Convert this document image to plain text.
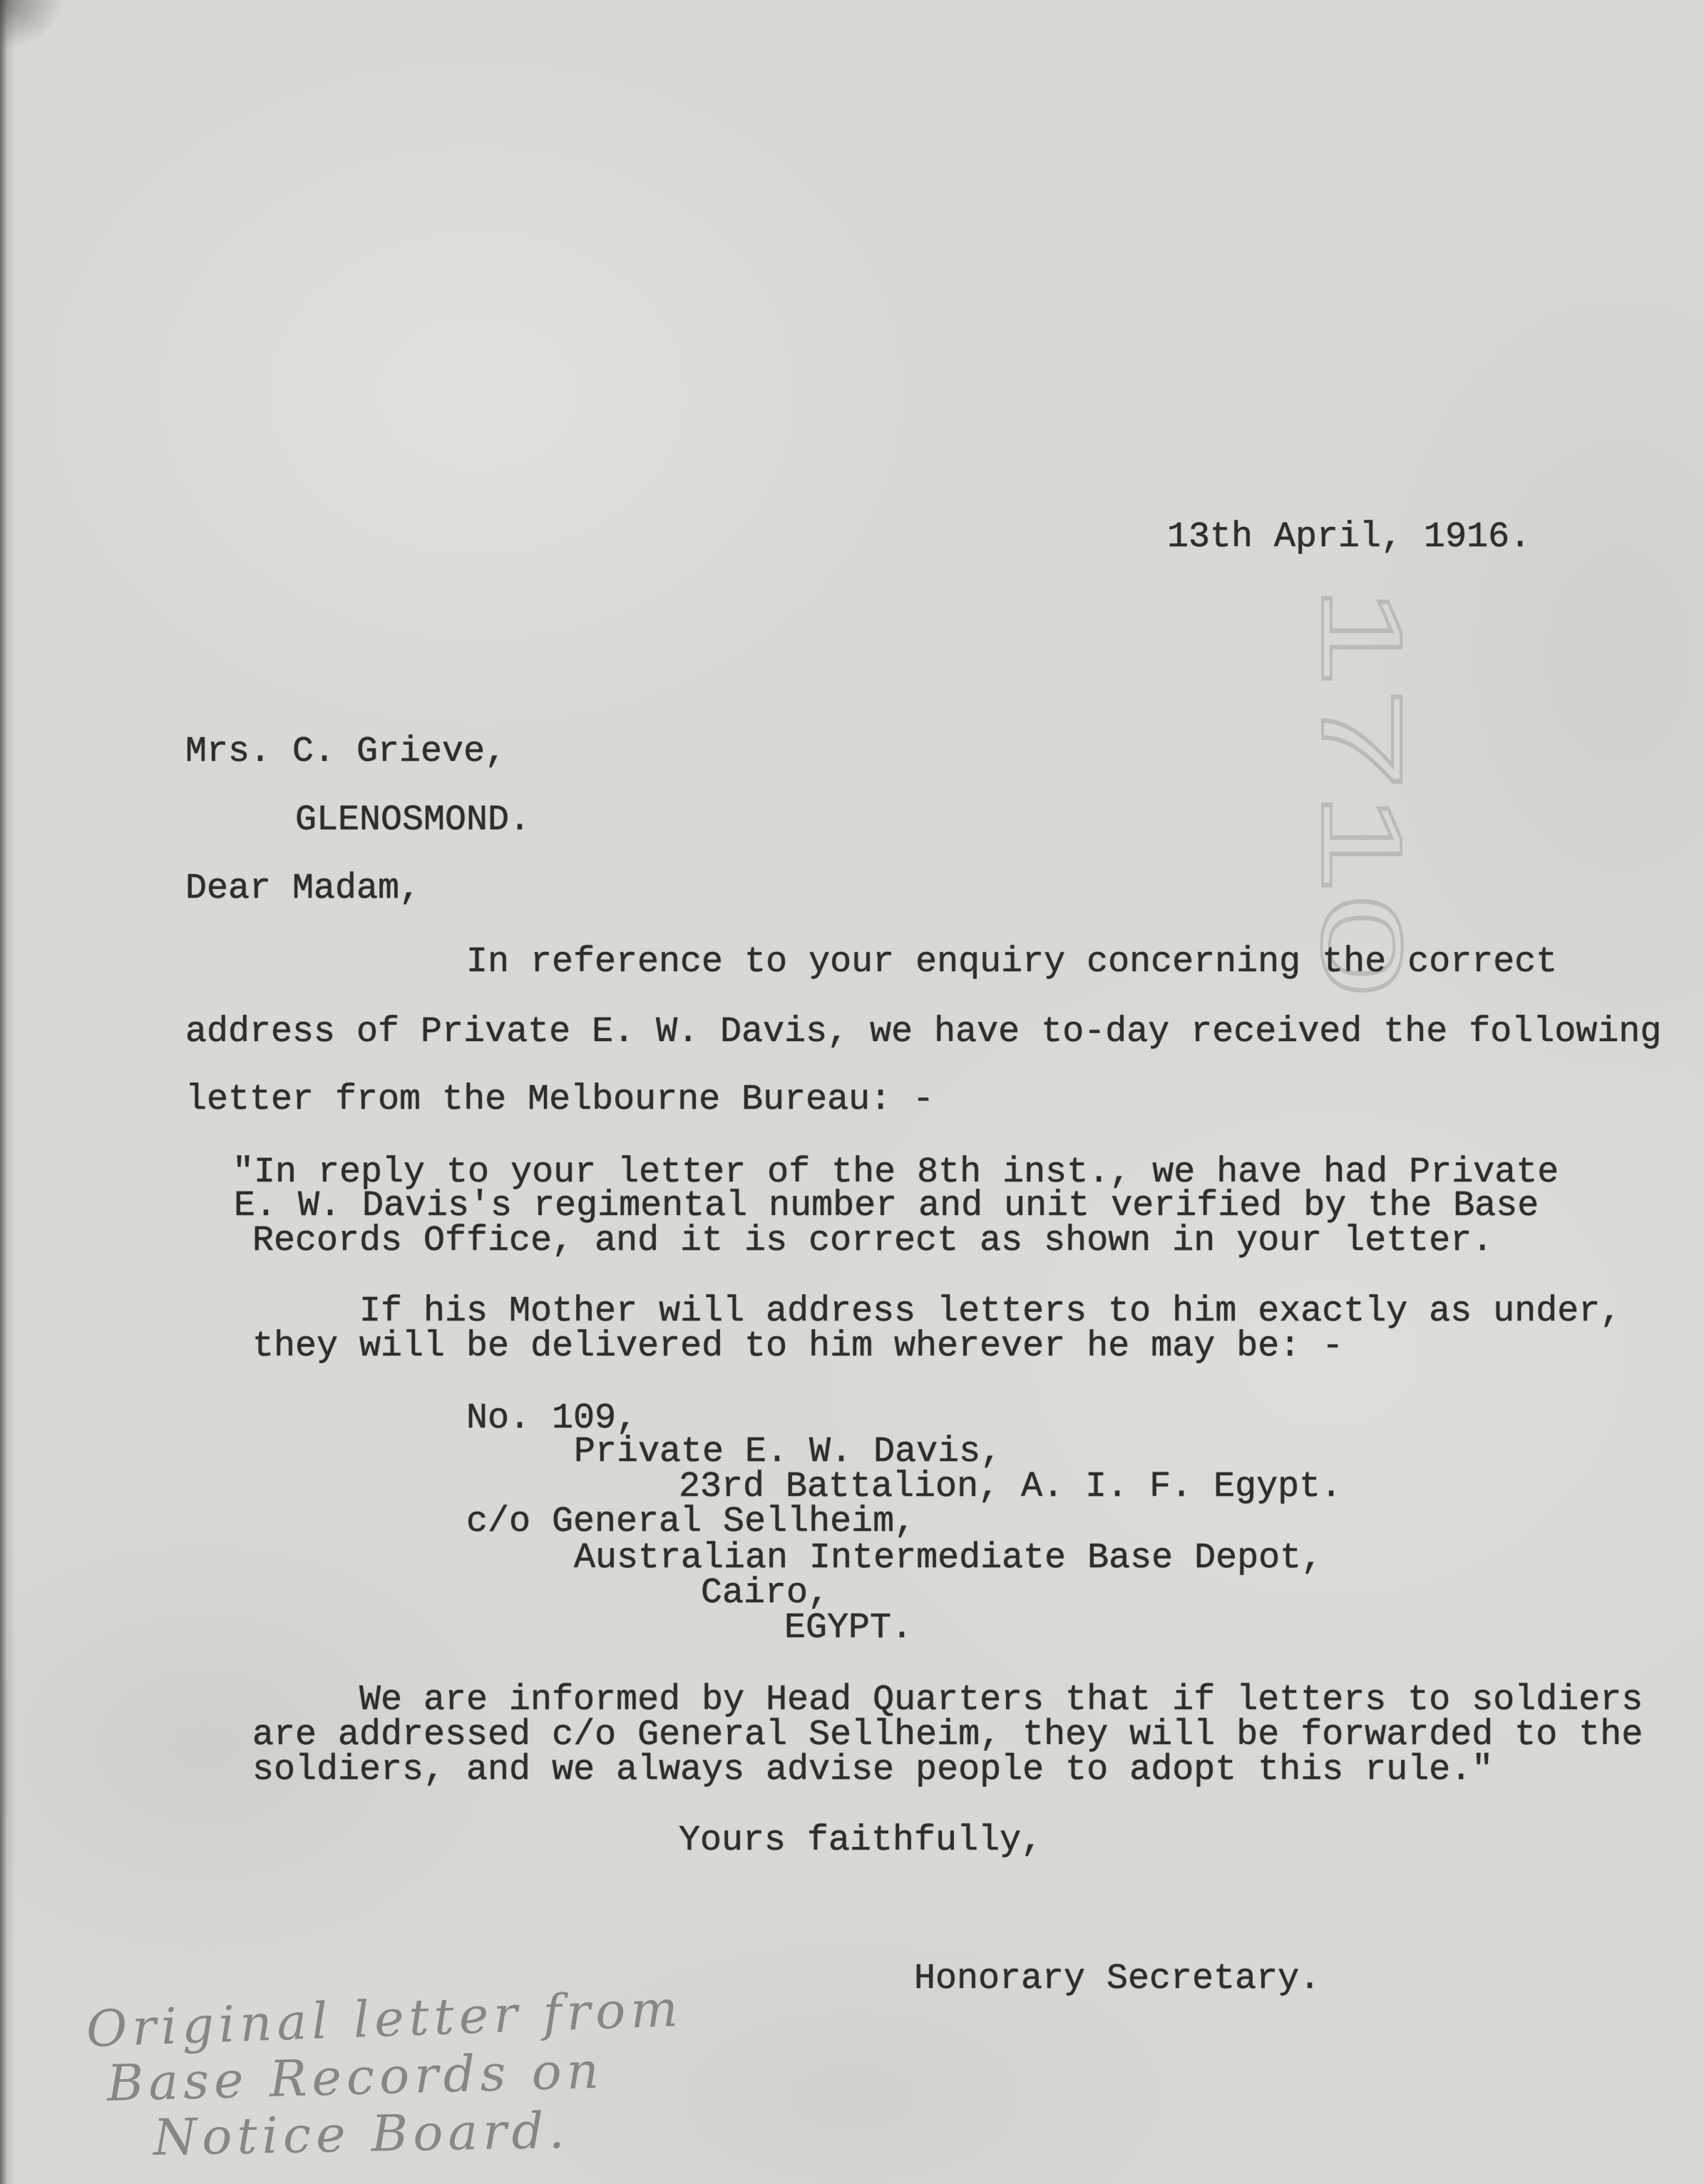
1710
13th April, 1916.
Mrs. C. Grieve,
GLENOSMOND.
Dear Madam,
In reference to your enquiry concerning the correct
address of Private E. W. Davis, we have to-day received the following
letter from the Melbourne Bureau: -
"In reply to your letter of the 8th inst., we have had Private
E. W. Davis's regimental number and unit verified by the Base
Records Office, and it is correct as shown in your letter.
If his Mother will address letters to him exactly as under,
they will be delivered to him wherever he may be: -
No. 109,
Private E. W. Davis,
23rd Battalion, A. I. F. Egypt.
c/o General Sellheim,
Australian Intermediate Base Depot,
Cairo,
EGYPT.
We are informed by Head Quarters that if letters to soldiers
are addressed c/o General Sellheim, they will be forwarded to the
soldiers, and we always advise people to adopt this rule."
Yours faithfully,
Honorary Secretary.
Original letter from
Base Records on
Notice Board.
